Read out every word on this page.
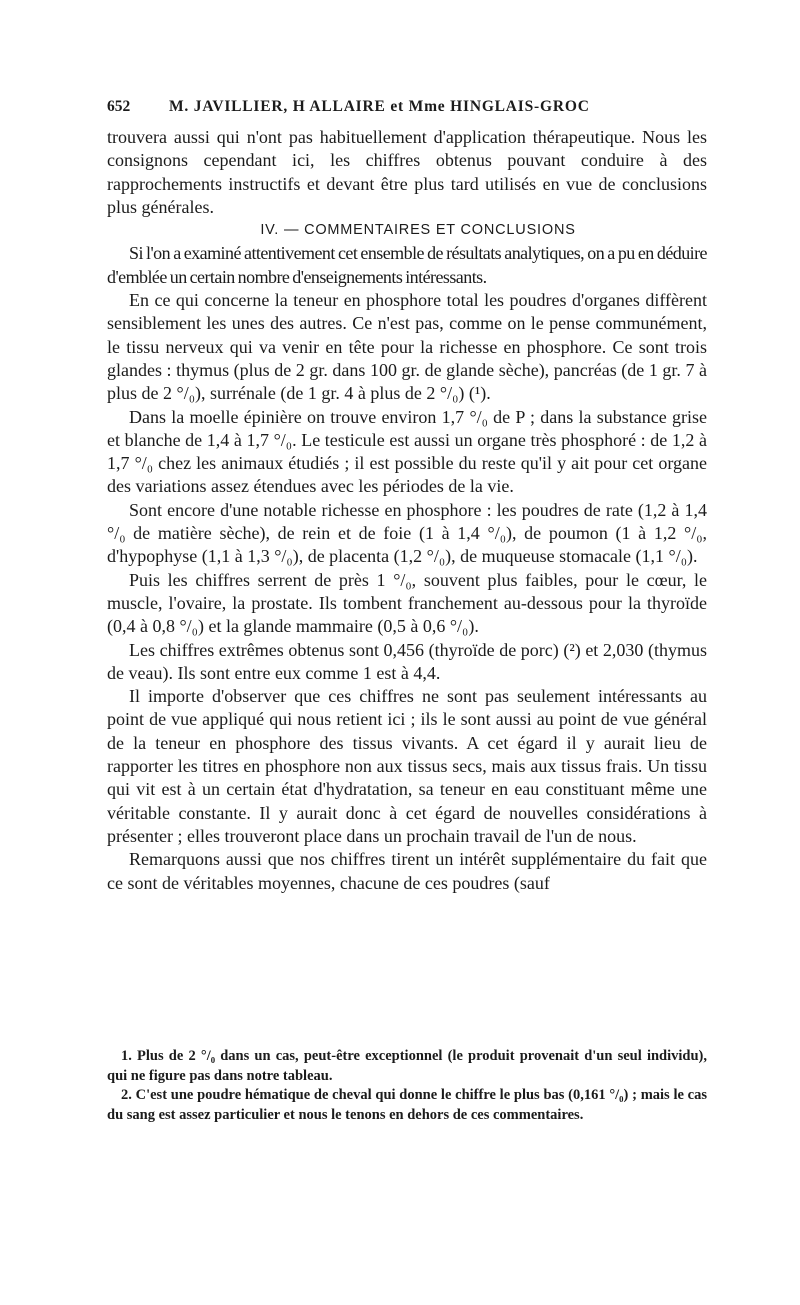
652	M. JAVILLIER, H ALLAIRE et Mme HINGLAIS-GROC

trouvera aussi qui n'ont pas habituellement d'application thérapeutique. Nous les consignons cependant ici, les chiffres obtenus pouvant conduire à des rapprochements instructifs et devant être plus tard utilisés en vue de conclusions plus générales.

IV. — COMMENTAIRES ET CONCLUSIONS

Si l'on a examiné attentivement cet ensemble de résultats analytiques, on a pu en déduire d'emblée un certain nombre d'enseignements intéressants.

En ce qui concerne la teneur en phosphore total les poudres d'organes diffèrent sensiblement les unes des autres. Ce n'est pas, comme on le pense communément, le tissu nerveux qui va venir en tête pour la richesse en phosphore. Ce sont trois glandes : thymus (plus de 2 gr. dans 100 gr. de glande sèche), pancréas (de 1 gr. 7 à plus de 2 °/₀), surrénale (de 1 gr. 4 à plus de 2 °/₀) (¹).

Dans la moelle épinière on trouve environ 1,7 °/₀ de P ; dans la substance grise et blanche de 1,4 à 1,7 °/₀. Le testicule est aussi un organe très phosphoré : de 1,2 à 1,7 °/₀ chez les animaux étudiés ; il est possible du reste qu'il y ait pour cet organe des variations assez étendues avec les périodes de la vie.

Sont encore d'une notable richesse en phosphore : les poudres de rate (1,2 à 1,4 °/₀ de matière sèche), de rein et de foie (1 à 1,4 °/₀), de poumon (1 à 1,2 °/₀, d'hypophyse (1,1 à 1,3 °/₀), de placenta (1,2 °/₀), de muqueuse stomacale (1,1 °/₀).

Puis les chiffres serrent de près 1 °/₀, souvent plus faibles, pour le cœur, le muscle, l'ovaire, la prostate. Ils tombent franchement au-dessous pour la thyroïde (0,4 à 0,8 °/₀) et la glande mammaire (0,5 à 0,6 °/₀).

Les chiffres extrêmes obtenus sont 0,456 (thyroïde de porc) (²) et 2,030 (thymus de veau). Ils sont entre eux comme 1 est à 4,4.

Il importe d'observer que ces chiffres ne sont pas seulement intéressants au point de vue appliqué qui nous retient ici ; ils le sont aussi au point de vue général de la teneur en phosphore des tissus vivants. A cet égard il y aurait lieu de rapporter les titres en phosphore non aux tissus secs, mais aux tissus frais. Un tissu qui vit est à un certain état d'hydratation, sa teneur en eau constituant même une véritable constante. Il y aurait donc à cet égard de nouvelles considérations à présenter ; elles trouveront place dans un prochain travail de l'un de nous.

Remarquons aussi que nos chiffres tirent un intérêt supplémentaire du fait que ce sont de véritables moyennes, chacune de ces poudres (sauf

1. Plus de 2 °/₀ dans un cas, peut-être exceptionnel (le produit provenait d'un seul individu), qui ne figure pas dans notre tableau.

2. C'est une poudre hématique de cheval qui donne le chiffre le plus bas (0,161 °/₀) ; mais le cas du sang est assez particulier et nous le tenons en dehors de ces commentaires.
